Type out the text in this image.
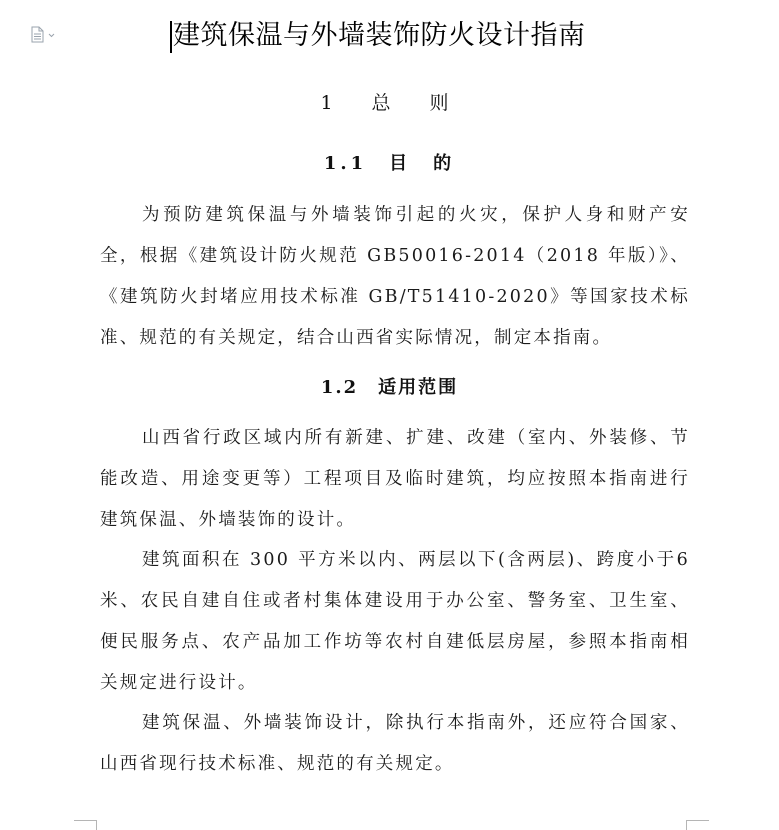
建筑保温与外墙装饰防火设计指南
1　总　则
1.1　目　的
为预防建筑保温与外墙装饰引起的火灾，保护人身和财产安全，根据《建筑设计防火规范 GB50016-2014（2018 年版）》、《建筑防火封堵应用技术标准 GB/T51410-2020》等国家技术标准、规范的有关规定，结合山西省实际情况，制定本指南。
1.2　适用范围
山西省行政区域内所有新建、扩建、改建（室内、外装修、节能改造、用途变更等）工程项目及临时建筑，均应按照本指南进行建筑保温、外墙装饰的设计。
建筑面积在 300 平方米以内、两层以下(含两层)、跨度小于6 米、农民自建自住或者村集体建设用于办公室、警务室、卫生室、便民服务点、农产品加工作坊等农村自建低层房屋，参照本指南相关规定进行设计。
建筑保温、外墙装饰设计，除执行本指南外，还应符合国家、山西省现行技术标准、规范的有关规定。
